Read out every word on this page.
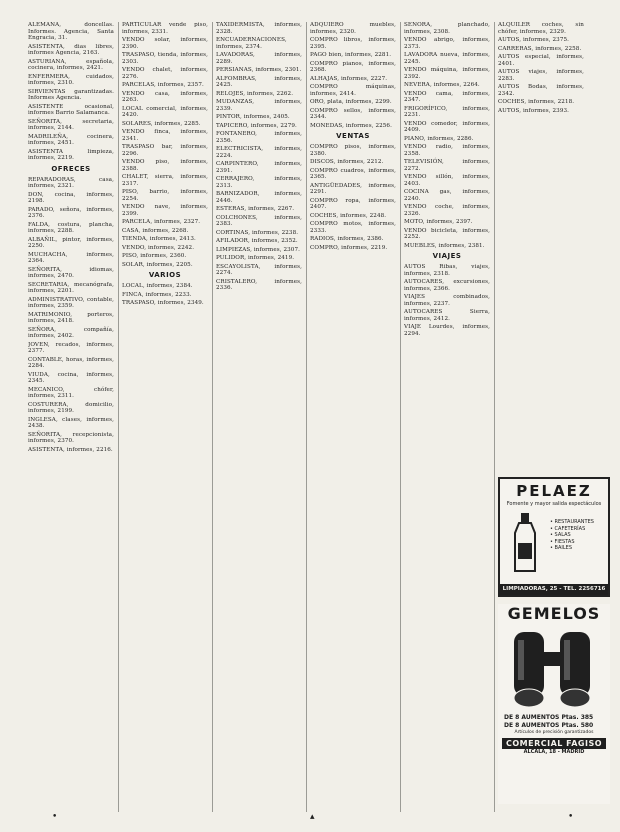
ALEMANA, doncellas. Informes. Agencia, Santa Engracia, 31.
ASISTENTA, dias libres, informes Agencia, 2163.
ASTURIANA, española, cocinera, informes, 2421.
ENFERMERA, cuidados, informes, 2310.
SIRVIENTAS garantizadas. Informes Agencia.
ASISTENTE ocasional, informes Barrio Salamanca.
SEÑORITA, secretaria, informes, 2144.
MADRILEÑA, cocinera, informes, 2451.
ASISTENTA limpieza, informes, 2219.
OFRECES
REPARADORAS, casa, informes, 2321.
DON, cocina, informes, 2198.
PARADO, señora, informes, 2376.
FALDA, costura, plancha, informes, 2288.
ALBAÑIL, pintor, informes, 2250.
MUCHACHA, informes, 2364.
SEÑORITA, idiomas, informes, 2470.
SECRETARIA, mecanógrafa, informes, 2201.
ADMINISTRATIVO, contable, informes, 2359.
MATRIMONIO, porteros, informes, 2418.
SEÑORA, compañía, informes, 2402.
JOVEN, recados, informes, 2377.
CONTABLE, horas, informes, 2284.
VIUDA, cocina, informes, 2345.
MECANICO, chófer, informes, 2311.
COSTURERA, domicilio, informes, 2199.
INGLESA, clases, informes, 2438.
SEÑORITA, recepcionista, informes, 2370.
ASISTENTA, informes, 2216.
PARTICULAR vende piso, informes, 2331.
VENDO solar, informes, 2390.
TRASPASO, tienda, informes, 2303.
VENDO chalet, informes, 2276.
PARCELAS, informes, 2357.
VENDO casa, informes, 2263.
LOCAL comercial, informes, 2420.
SOLARES, informes, 2285.
VENDO finca, informes, 2341.
TRASPASO bar, informes, 2296.
VENDO piso, informes, 2388.
CHALET, sierra, informes, 2317.
PISO, barrio, informes, 2254.
VENDO nave, informes, 2399.
PARCELA, informes, 2327.
CASA, informes, 2268.
TIENDA, informes, 2413.
VENDO, informes, 2242.
PISO, informes, 2360.
SOLAR, informes, 2205.
VARIOS
LOCAL, informes, 2384.
FINCA, informes, 2233.
TRASPASO, informes, 2349.
TAXIDERMISTA, informes, 2328.
ENCUADERNACIONES, informes, 2374.
LAVADORAS, informes, 2289.
PERSIANAS, informes, 2301.
ALFOMBRAS, informes, 2425.
RELOJES, informes, 2262.
MUDANZAS, informes, 2339.
PINTOR, informes, 2405.
TAPICERO, informes, 2279.
FONTANERO, informes, 2356.
ELECTRICISTA, informes, 2224.
CARPINTERO, informes, 2391.
CERRAJERO, informes, 2313.
BARNIZADOR, informes, 2446.
ESTERAS, informes, 2267.
COLCHONES, informes, 2383.
CORTINAS, informes, 2238.
AFILADOR, informes, 2352.
LIMPIEZAS, informes, 2307.
PULIDOR, informes, 2419.
ESCAYOLISTA, informes, 2274.
CRISTALERO, informes, 2336.
ADQUIERO muebles, informes, 2320.
COMPRO libros, informes, 2395.
PAGO bien, informes, 2281.
COMPRO pianos, informes, 2368.
ALHAJAS, informes, 2227.
COMPRO máquinas, informes, 2414.
ORO, plata, informes, 2299.
COMPRO sellos, informes, 2344.
MONEDAS, informes, 2256.
VENTAS
COMPRO pisos, informes, 2380.
DISCOS, informes, 2212.
COMPRO cuadros, informes, 2365.
ANTIGÜEDADES, informes, 2291.
COMPRO ropa, informes, 2407.
COCHES, informes, 2248.
COMPRO motos, informes, 2333.
RADIOS, informes, 2386.
COMPRO, informes, 2219.
SEÑORA, planchado, informes, 2308.
VENDO abrigo, informes, 2373.
LAVADORA nueva, informes, 2245.
VENDO máquina, informes, 2392.
NEVERA, informes, 2264.
VENDO cama, informes, 2347.
FRIGORÍFICO, informes, 2231.
VENDO comedor, informes, 2409.
PIANO, informes, 2286.
VENDO radio, informes, 2358.
TELEVISIÓN, informes, 2272.
VENDO sillón, informes, 2403.
COCINA gas, informes, 2240.
VENDO coche, informes, 2326.
MOTO, informes, 2397.
VENDO bicicleta, informes, 2252.
MUEBLES, informes, 2381.
VIAJES
AUTOS Ribas, viajes, informes, 2318.
AUTOCARES, excursiones, informes, 2366.
VIAJES combinados, informes, 2237.
AUTOCARES Sierra, informes, 2412.
VIAJE Lourdes, informes, 2294.
ALQUILER coches, sin chófer, informes, 2329.
AUTOS, informes, 2375.
CARRERAS, informes, 2258.
AUTOS especial, informes, 2401.
AUTOS viajes, informes, 2283.
AUTOS Bodas, informes, 2342.
COCHES, informes, 2218.
AUTOS, informes, 2393.
PELAEZ
Fomente y mayor salida espectáculos
• RESTAURANTES
• CAFETERÍAS
• SALAS
• FIESTAS
• BAILES
LIMPIADORAS, 25 - TEL. 2256716
GEMELOS
DE 8 AUMENTOS Ptas. 385
DE 8 AUMENTOS Ptas. 580
Artículos de precisión garantizados
COMERCIAL FAGISO
ALCALÁ, 18 - MADRID
•	▴	•
